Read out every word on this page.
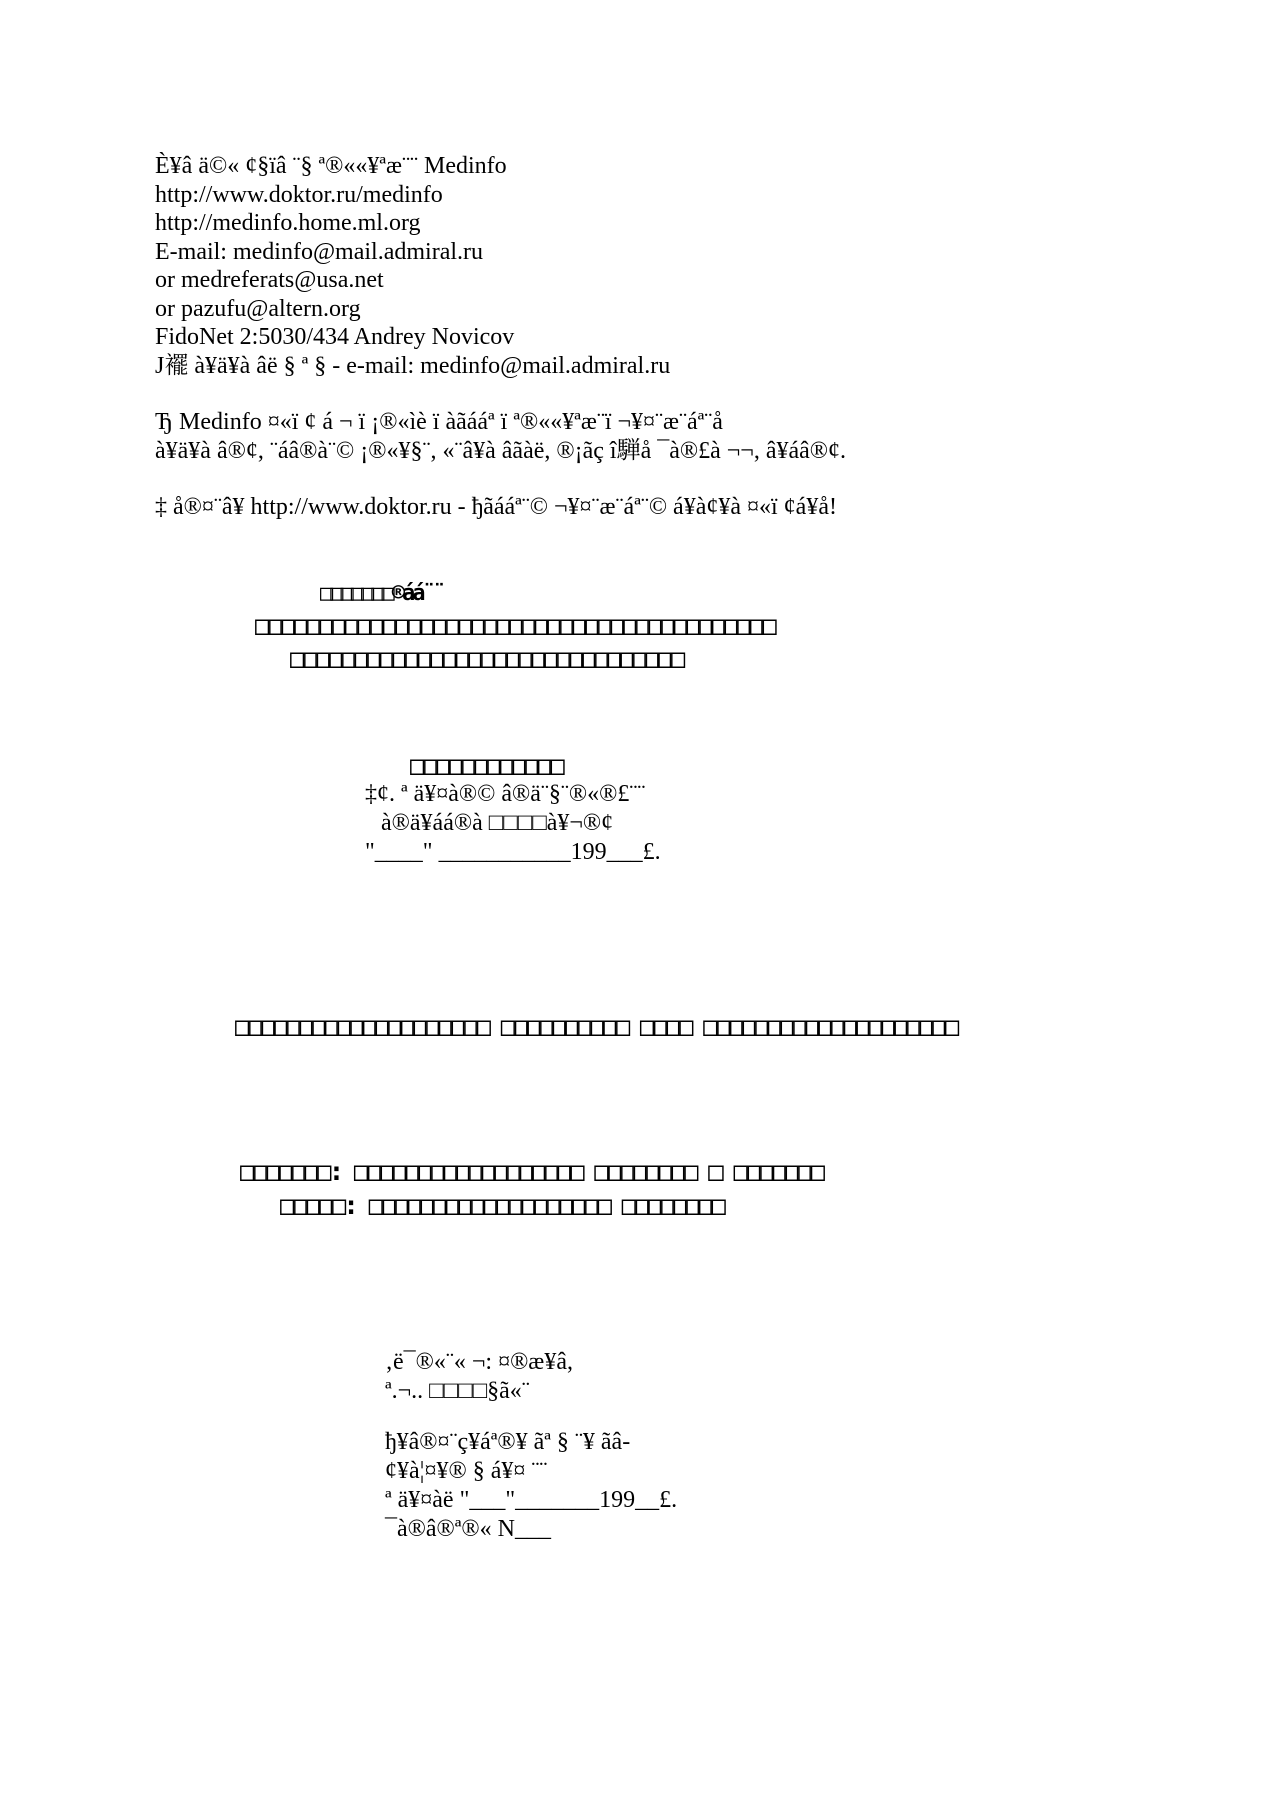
Ѐ¥â ä©« ¢§ïâ ¨§ ª®««¥ªæ¨¨ Medinfo
http://www.doktor.ru/medinfo
http://medinfo.home.ml.org
E-mail: medinfo@mail.admiral.ru
or medreferats@usa.net
or pazufu@altern.org
FidoNet 2:5030/434 Andrey Novicov
Ј襬 à¥ä¥à âë § ª § - e-mail: medinfo@mail.admiral.ru
Ђ Medinfo ¤«ï ¢ á ¬ ï ¡®«ìè ï àãááª ï ª®««¥ªæ¨ï ¬¥¤¨æ¨áª¨å
à¥ä¥à â®¢, ¨áâ®à¨© ¡®«¥§¨, «¨â¥à âãàë, ®¡ãç î騨å ¯à®£à ¬¬, â¥áâ®¢.
‡ å®¤¨â¥ http://www.doktor.ru - ђãááª¨© ¬¥¤¨æ¨áª¨© á¥à¢¥à ¤«ï ¢á¥å!
□□□□□□□®áá¨¨
□□□□□□□□□□□□□□□□□□□□□□□□□□□□□□□□□□□□□□□□□
□□□□□□□□□□□□□□□□□□□□□□□□□□□□□□□
□□□□□□□□□□□□
‡¢. ª ä¥¤à®© â®ä¨§¨®«®£¨¨
à®ä¥áá®à □□□□à¥¬®¢
"____" ___________199___£.
□□□□□□□□□□□□□□□□□□□□ □□□□□□□□□□ □□□□ □□□□□□□□□□□□□□□□□□□□
□□□□□□□: □□□□□□□□□□□□□□□□□□ □□□□□□□□ □ □□□□□□□
□□□□□: □□□□□□□□□□□□□□□□□□□ □□□□□□□□
‚ë¯®«¨« ¬: ¤®æ¥â,
ª.¬.. □□□□§ã«¨
ђ¥â®¤¨ç¥áª®¥ ãª § ¨¥ ãâ-
¢¥à¦¤¥® § á¥¤ ¨¨
ª ä¥¤àë "___"_______199__£.
¯à®â®ª®« N___
